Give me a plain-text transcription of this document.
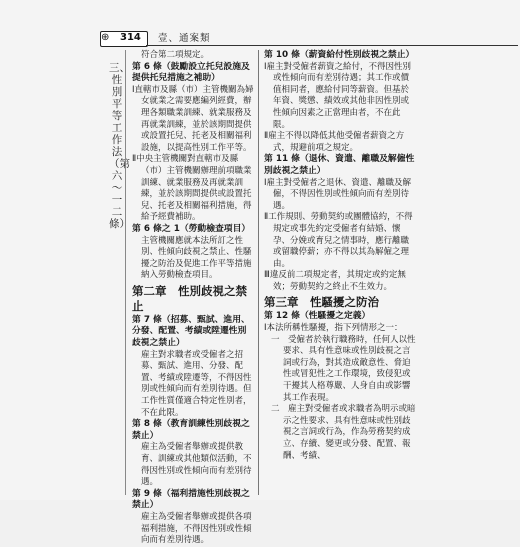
⊕ 314 壹、通案類
三、性別平等工作法（第六～一二條）
符合第二項規定。
第 6 條（鼓勵設立托兒設施及提供托兒措施之補助）
Ⅰ直轄市及縣（市）主管機關為婦女就業之需要應編列經費，辦理各類職業訓練、就業服務及再就業訓練，並於該期間提供或設置托兒、托老及相關福利設施，以提高性別工作平等。
Ⅱ中央主管機關對直轄市及縣（市）主管機關辦理前項職業訓練、就業服務及再就業訓練，並於該期間提供或設置托兒、托老及相關福利措施，得給予經費補助。
第 6 條之 1（勞動檢查項目）
主管機關應就本法所訂之性別、性傾向歧視之禁止、性騷擾之防治及促進工作平等措施納入勞動檢查項目。
第二章　性別歧視之禁止
第 7 條（招募、甄試、進用、分發、配置、考績或陞遷性別歧視之禁止）
雇主對求職者或受僱者之招募、甄試、進用、分發、配置、考績或陞遷等，不得因性別或性傾向而有差別待遇。但工作性質僅適合特定性別者，不在此限。
第 8 條（教育訓練性別歧視之禁止）
雇主為受僱者舉辦或提供教育、訓練或其他類似活動，不得因性別或性傾向而有差別待遇。
第 9 條（福利措施性別歧視之禁止）
雇主為受僱者舉辦或提供各項福利措施，不得因性別或性傾向而有差別待遇。
第 10 條（薪資給付性別歧視之禁止）
Ⅰ雇主對受僱者薪資之給付，不得因性別或性傾向而有差別待遇；其工作或價值相同者，應給付同等薪資。但基於年資、獎懲、績效或其他非因性別或性傾向因素之正當理由者，不在此限。
Ⅱ雇主不得以降低其他受僱者薪資之方式，規避前項之規定。
第 11 條（退休、資遣、離職及解僱性別歧視之禁止）
Ⅰ雇主對受僱者之退休、資遣、離職及解僱，不得因性別或性傾向而有差別待遇。
Ⅱ工作規則、勞動契約或團體協約，不得規定或事先約定受僱者有結婚、懷孕、分娩或育兒之情事時，應行離職或留職停薪；亦不得以其為解僱之理由。
Ⅲ違反前二項規定者，其規定或約定無效；勞動契約之終止不生效力。
第三章　性騷擾之防治
第 12 條（性騷擾之定義）
Ⅰ本法所稱性騷擾，指下列情形之一：
一　受僱者於執行職務時，任何人以性要求、具有性意味或性別歧視之言詞或行為，對其造成敵意性、脅迫性或冒犯性之工作環境，致侵犯或干擾其人格尊嚴、人身自由或影響其工作表現。
二　雇主對受僱者或求職者為明示或暗示之性要求、具有性意味或性別歧視之言詞或行為，作為勞務契約成立、存續、變更或分發、配置、報酬、考績、
